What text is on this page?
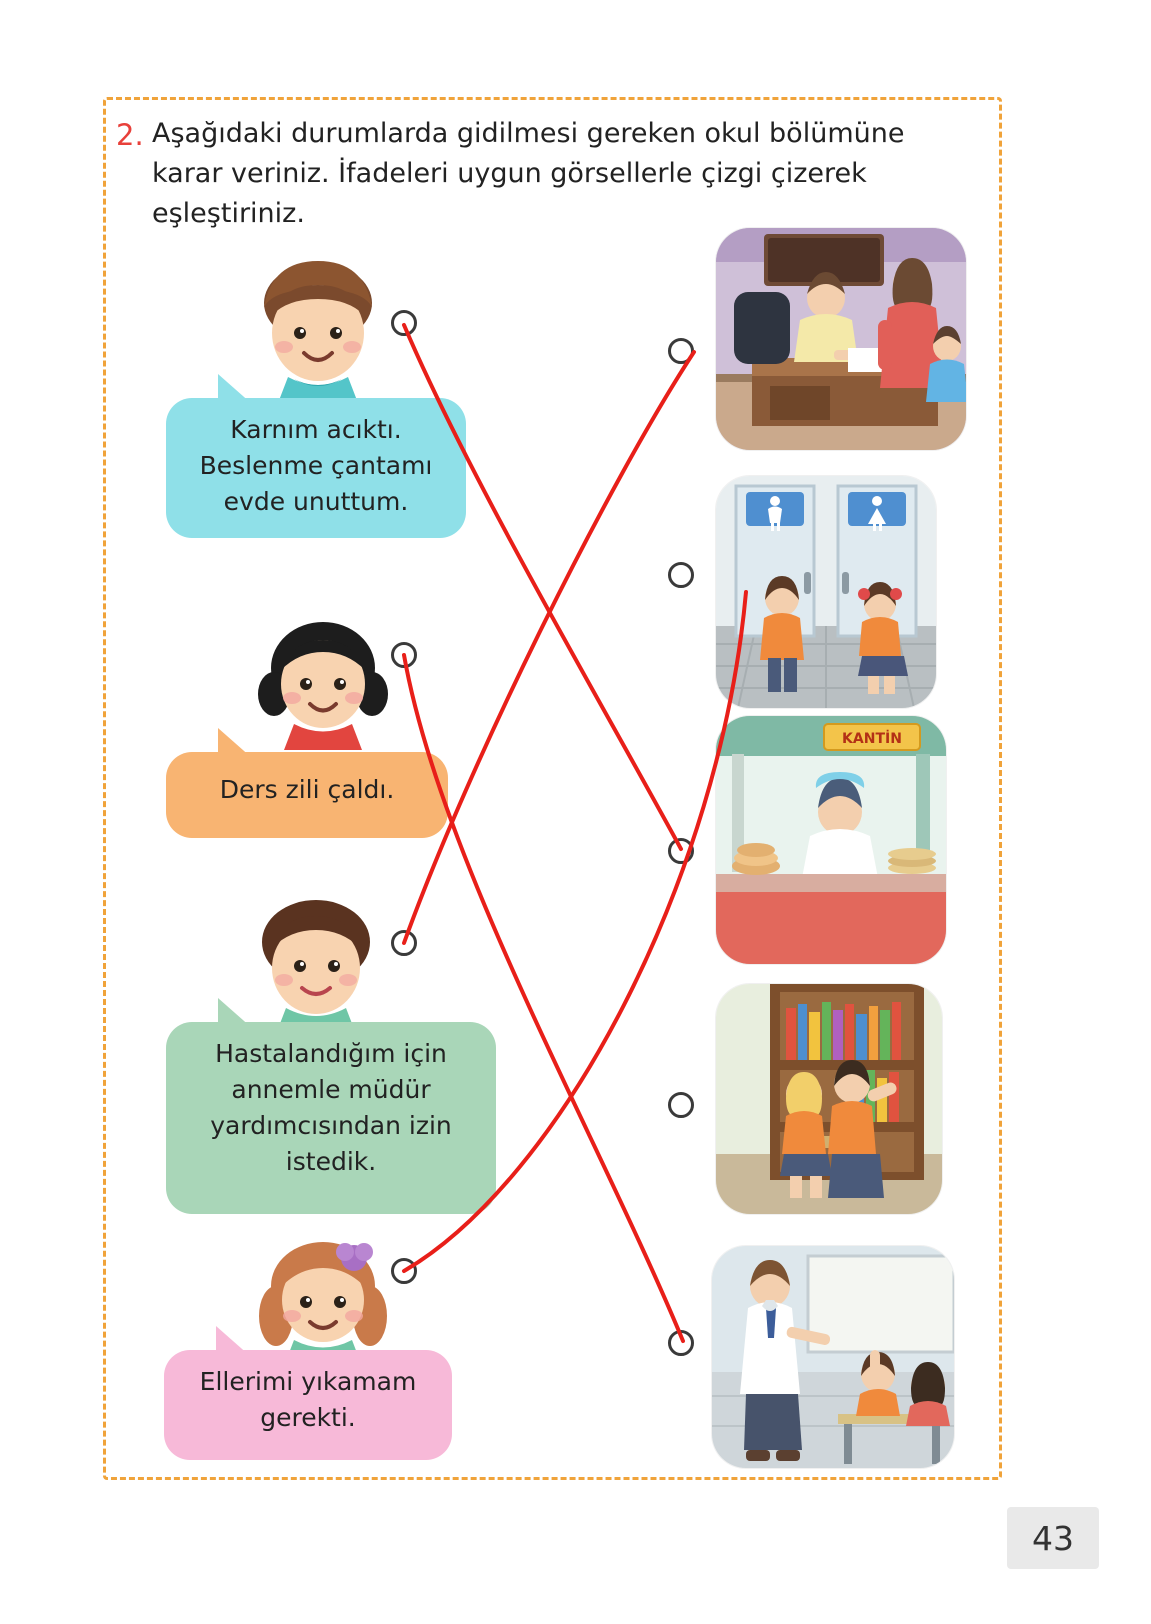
2. Aşağıdaki durumlarda gidilmesi gereken okul bölümüne karar veriniz. İfadeleri uygun görsellerle çizgi çizerek eşleştiriniz.
Karnım acıktı. Beslenme çantamı evde unuttum.
Ders zili çaldı.
Hastalandığım için annemle müdür yardımcısından izin istedik.
Ellerimi yıkamam gerekti.
KANTİN
43
